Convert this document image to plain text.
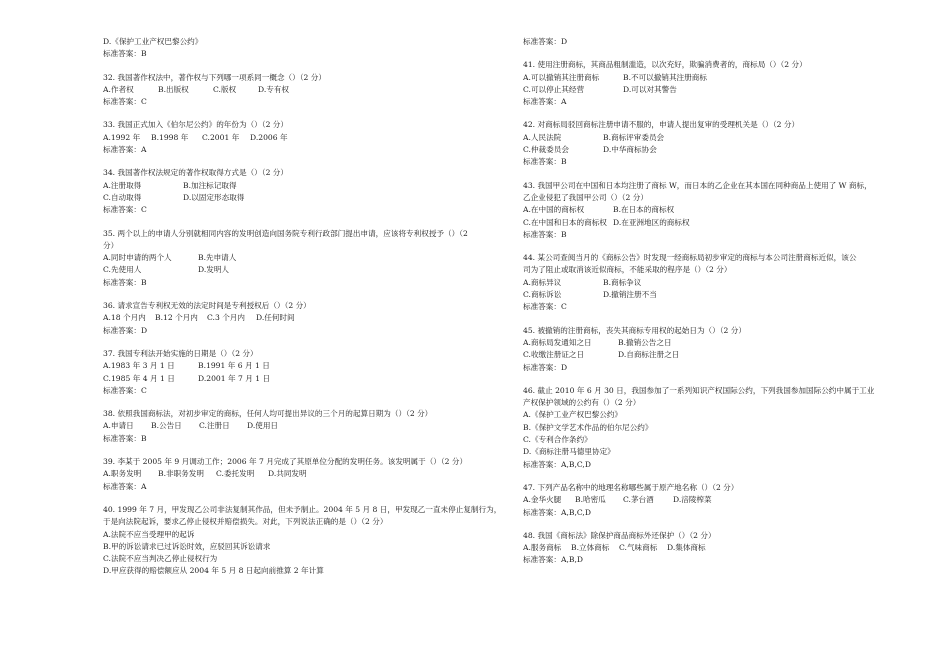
D.《保护工业产权巴黎公约》
标准答案：B
32. 我国著作权法中，著作权与下列哪一项系同一概念（）（2 分）
A.作者权	B.出版权	C.版权	D.专有权
标准答案：C
33. 我国正式加入《伯尔尼公约》的年份为（）（2 分）
A.1992 年	B.1998 年	C.2001 年	D.2006 年
标准答案：A
34. 我国著作权法规定的著作权取得方式是（）（2 分）
A.注册取得	B.加注标记取得
C.自动取得	D.以固定形态取得
标准答案：C
35. 两个以上的申请人分别就相同内容的发明创造向国务院专利行政部门提出申请，应该将专利权授予（）（2
分）
A.同时申请的两个人	B.先申请人
C.先使用人	D.发明人
标准答案：B
36. 请求宣告专利权无效的法定时间是专利授权后（）（2 分）
A.18 个月内	B.12 个月内	C.3 个月内	D.任何时间
标准答案：D
37. 我国专利法开始实施的日期是（）（2 分）
A.1983 年 3 月 1 日	B.1991 年 6 月 1 日
C.1985 年 4 月 1 日	D.2001 年 7 月 1 日
标准答案：C
38. 依照我国商标法，对初步审定的商标，任何人均可提出异议的三个月的起算日期为（）（2 分）
A.申请日	B.公告日	C.注册日	D.使用日
标准答案：B
39. 李某于 2005 年 9 月调动工作；2006 年 7 月完成了其原单位分配的发明任务。该发明属于（）（2 分）
A.职务发明	B.非职务发明	C.委托发明	D.共同发明
标准答案：A
40. 1999 年 7 月，甲发现乙公司非法复制其作品，但未予制止。2004 年 5 月 8 日，甲发现乙一直未停止复制行为，
于是向法院起诉，要求乙停止侵权并赔偿损失。对此，下列说法正确的是（）（2 分）
A.法院不应当受理甲的起诉
B.甲的诉讼请求已过诉讼时效，应驳回其诉讼请求
C.法院不应当判决乙停止侵权行为
D.甲应获得的赔偿额应从 2004 年 5 月 8 日起向前推算 2 年计算
标准答案：D
41. 使用注册商标，其商品粗制滥造，以次充好，欺骗消费者的，商标局（）（2 分）
A.可以撤销其注册商标	B.不可以撤销其注册商标
C.可以停止其经营	D.可以对其警告
标准答案：A
42. 对商标局驳回商标注册申请不服的，申请人提出复审的受理机关是（）（2 分）
A.人民法院	B.商标评审委员会
C.仲裁委员会	D.中华商标协会
标准答案：B
43. 我国甲公司在中国和日本均注册了商标 W，而日本的乙企业在其本国在同种商品上使用了 W 商标，
乙企业侵犯了我国甲公司（）（2 分）
A.在中国的商标权	B.在日本的商标权
C.在中国和日本的商标权 D.在亚洲地区的商标权
标准答案：B
44. 某公司查阅当月的《商标公告》时发现一经商标局初步审定的商标与本公司注册商标近似，该公
司为了阻止或取消该近似商标，不能采取的程序是（）（2 分）
A.商标异议	B.商标争议
C.商标诉讼	D.撤销注册不当
标准答案：C
45. 被撤销的注册商标，丧失其商标专用权的起始日为（）（2 分）
A.商标局发通知之日	B.撤销公告之日
C.收缴注册证之日	D.自商标注册之日
标准答案：D
46. 截止 2010 年 6 月 30 日，我国参加了一系列知识产权国际公约，下列我国参加国际公约中属于工业
产权保护领域的公约有（）（2 分）
A.《保护工业产权巴黎公约》
B.《保护文学艺术作品的伯尔尼公约》
C.《专利合作条约》
D.《商标注册马德里协定》
标准答案：A,B,C,D
47. 下列产品名称中的地理名称哪些属于原产地名称（）（2 分）
A.金华火腿	B.哈密瓜	C.茅台酒	D.涪陵榨菜
标准答案：A,B,C,D
48. 我国《商标法》除保护商品商标外还保护（）（2 分）
A.服务商标	B.立体商标	C.气味商标	D.集体商标
标准答案：A,B,D
